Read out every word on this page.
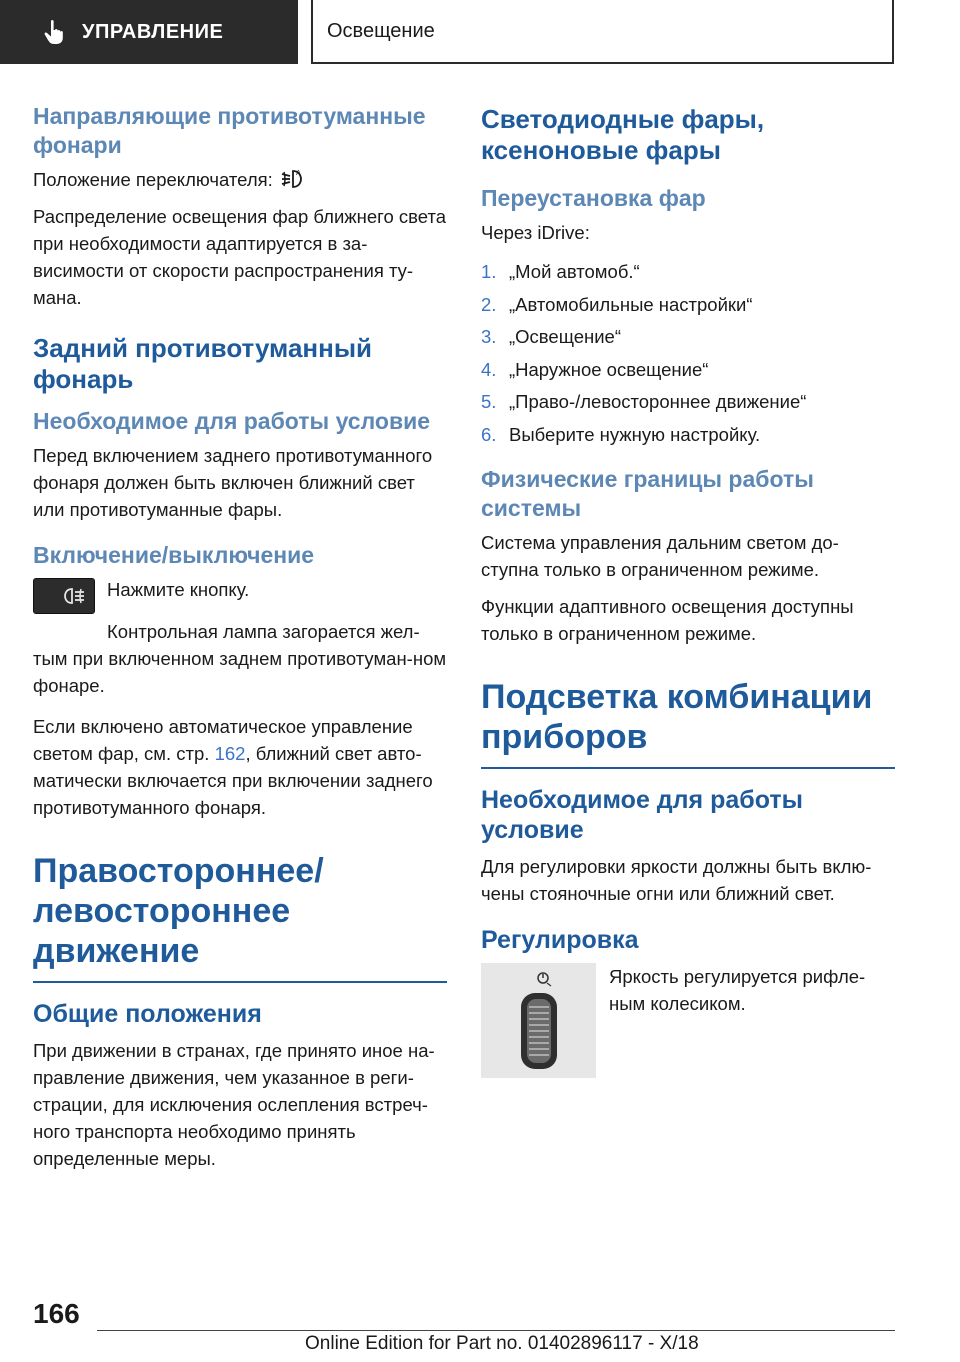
УПРАВЛЕНИЕ	Освещение
Направляющие противотуманные фонари

Положение переключателя:	A

Распределение освещения фар ближнего света при необходимости адаптируется в за-висимости от скорости распространения ту-мана.

Задний противотуманный фонарь
Необходимое для работы условие

Перед включением заднего противотуманного фонаря должен быть включен ближний свет или противотуманные фары.

Включение/выключение

Нажмите кнопку.

Контрольная лампа загорается жел-тым при включенном заднем противотуман-ном фонаре.

Если включено автоматическое управление светом фар, см. стр. 162, ближний свет авто-матически включается при включении заднего противотуманного фонаря.

Правостороннее/ левостороннее движение
Общие положения

При движении в странах, где принято иное на-правление движения, чем указанное в реги-страции, для исключения ослепления встреч-ного транспорта необходимо принять определенные меры.

Светодиодные фары, ксеноновые фары
Переустановка фар

Через iDrive:

1. „Мой автомоб.“
2. „Автомобильные настройки“
3. „Освещение“
4. „Наружное освещение“
5. „Право-/левостороннее движение“
6. Выберите нужную настройку.
Физические границы работы системы

Система управления дальним светом до-ступна только в ограниченном режиме.

Функции адаптивного освещения доступны только в ограниченном режиме.

Подсветка комбинации приборов
Необходимое для работы условие

Для регулировки яркости должны быть вклю-чены стояночные огни или ближний свет.

Регулировка

Яркость регулируется рифле-ным колесиком.

166
Online Edition for Part no. 01402896117 - X/18
